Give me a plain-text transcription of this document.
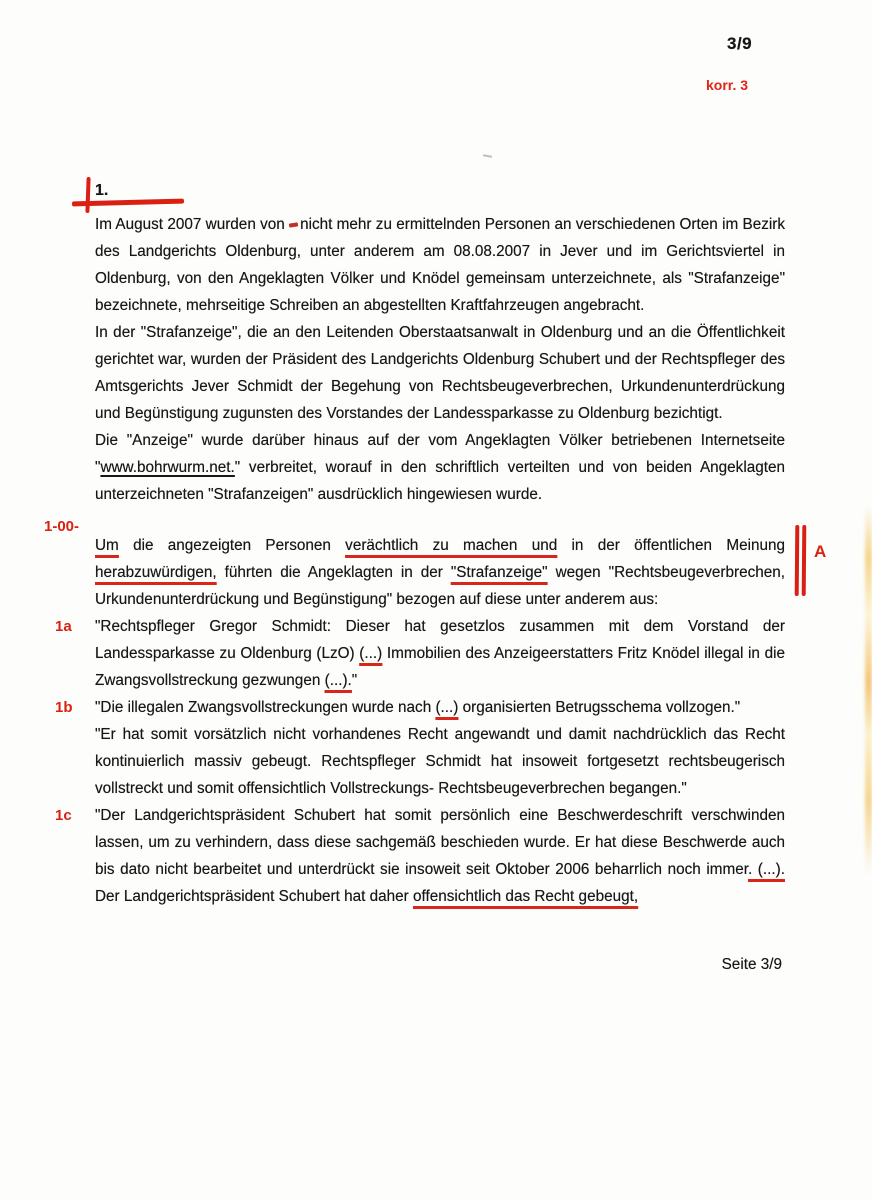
3/9
korr. 3
1.

Im August 2007 wurden von nicht mehr zu ermittelnden Personen an verschiedenen Orten im Bezirk des Landgerichts Oldenburg, unter anderem am 08.08.2007 in Jever und im Gerichtsviertel in Oldenburg, von den Angeklagten Völker und Knödel gemeinsam unterzeichnete, als "Strafanzeige" bezeichnete, mehrseitige Schreiben an abgestellten Kraftfahrzeugen angebracht.

In der "Strafanzeige", die an den Leitenden Oberstaatsanwalt in Oldenburg und an die Öffentlichkeit gerichtet war, wurden der Präsident des Landgerichts Oldenburg Schubert und der Rechtspfleger des Amtsgerichts Jever Schmidt der Begehung von Rechtsbeugeverbrechen, Urkundenunterdrückung und Begünstigung zugunsten des Vorstandes der Landessparkasse zu Oldenburg bezichtigt.

Die "Anzeige" wurde darüber hinaus auf der vom Angeklagten Völker betriebenen Internetseite "www.bohrwurm.net." verbreitet, worauf in den schriftlich verteilten und von beiden Angeklagten unterzeichneten "Strafanzeigen" ausdrücklich hingewiesen wurde.

1-00-

Um die angezeigten Personen verächtlich zu machen und in der öffentlichen Meinung herabzuwürdigen, führten die Angeklagten in der "Strafanzeige" wegen "Rechtsbeugeverbrechen, Urkundenunterdrückung und Begünstigung" bezogen auf diese unter anderem aus:

A
1a "Rechtspfleger Gregor Schmidt: Dieser hat gesetzlos zusammen mit dem Vorstand der Landessparkasse zu Oldenburg (LzO) (...) Immobilien des Anzeigeerstatters Fritz Knödel illegal in die Zwangsvollstreckung gezwungen (...)."

1b "Die illegalen Zwangsvollstreckungen wurde nach (...) organisierten Betrugsschema vollzogen."

"Er hat somit vorsätzlich nicht vorhandenes Recht angewandt und damit nachdrücklich das Recht kontinuierlich massiv gebeugt. Rechtspfleger Schmidt hat insoweit fortgesetzt rechtsbeugerisch vollstreckt und somit offensichtlich Vollstreckungs- Rechtsbeugeverbrechen begangen."

1c "Der Landgerichtspräsident Schubert hat somit persönlich eine Beschwerdeschrift verschwinden lassen, um zu verhindern, dass diese sachgemäß beschieden wurde. Er hat diese Beschwerde auch bis dato nicht bearbeitet und unterdrückt sie insoweit seit Oktober 2006 beharrlich noch immer. (...). Der Landgerichtspräsident Schubert hat daher offensichtlich das Recht gebeugt,

Seite 3/9
